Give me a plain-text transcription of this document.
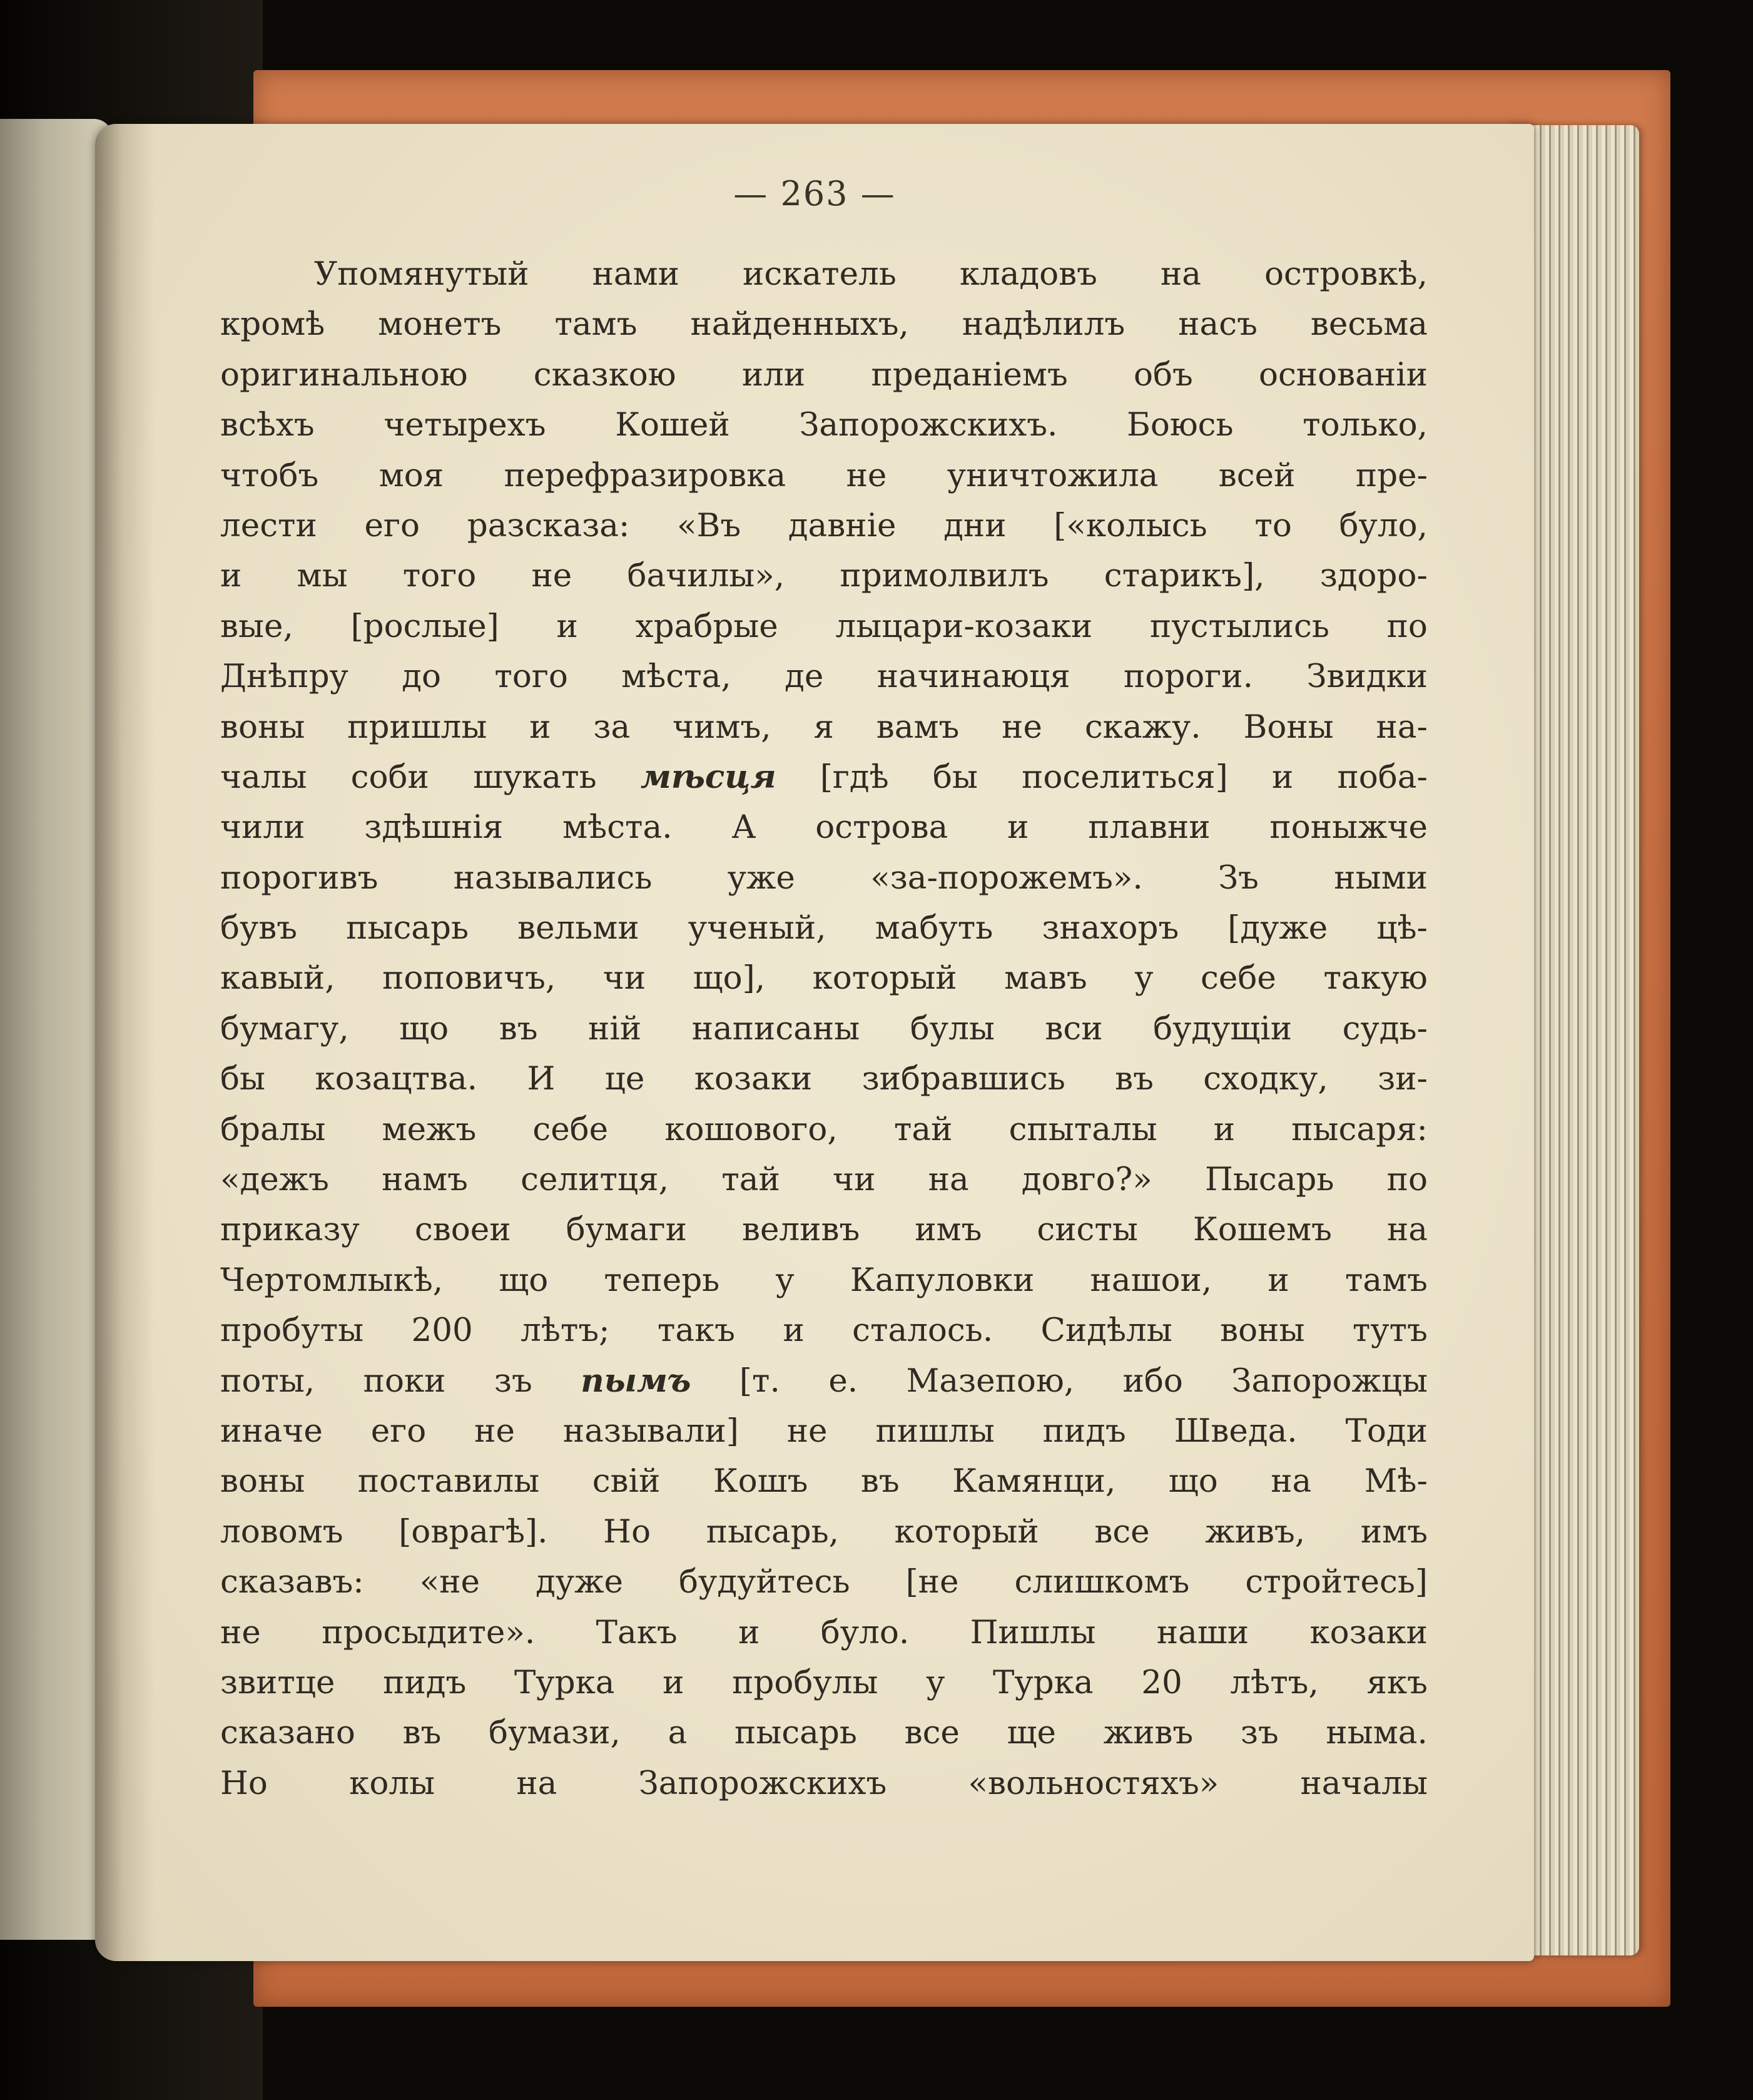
— 263 —
Упомянутый нами искатель кладовъ на островкѣ,
кромѣ монетъ тамъ найденныхъ, надѣлилъ насъ весьма
оригинальною сказкою или преданіемъ объ основаніи
всѣхъ четырехъ Кошей Запорожскихъ. Боюсь только,
чтобъ моя перефразировка не уничтожила всей пре-
лести его разсказа: «Въ давніе дни [«колысь то було,
и мы того не бачилы», примолвилъ старикъ], здоро-
вые, [рослые] и храбрые лыцари-козаки пустылись по
Днѣпру до того мѣста, де начинаюця пороги. Звидки
воны пришлы и за чимъ, я вамъ не скажу. Воны на-
чалы соби шукать мѣсця [гдѣ бы поселиться] и поба-
чили здѣшнія мѣста. А острова и плавни поныжче
порогивъ назывались уже «за-порожемъ». Зъ ными
бувъ пысарь вельми ученый, мабуть знахоръ [дуже цѣ-
кавый, поповичъ, чи що], который мавъ у себе такую
бумагу, що въ ній написаны булы вси будущіи судь-
бы козацтва. И це козаки зибравшись въ сходку, зи-
бралы межъ себе кошового, тай спыталы и пысаря:
«дежъ намъ селитця, тай чи на довго?» Пысарь по
приказу своеи бумаги веливъ имъ систы Кошемъ на
Чертомлыкѣ, що теперь у Капуловки нашои, и тамъ
пробуты 200 лѣтъ; такъ и сталось. Сидѣлы воны тутъ
поты, поки зъ пымъ [т. е. Мазепою, ибо Запорожцы
иначе его не называли] не пишлы пидъ Шведа. Тоди
воны поставилы свій Кошъ въ Камянци, що на Мѣ-
ловомъ [оврагѣ]. Но пысарь, который все живъ, имъ
сказавъ: «не дуже будуйтесь [не слишкомъ стройтесь]
не просыдите». Такъ и було. Пишлы наши козаки
звитце пидъ Турка и пробулы у Турка 20 лѣтъ, якъ
сказано въ бумази, а пысарь все ще живъ зъ ныма.
Но	колы	на	Запорожскихъ	«вольностяхъ»	началы
